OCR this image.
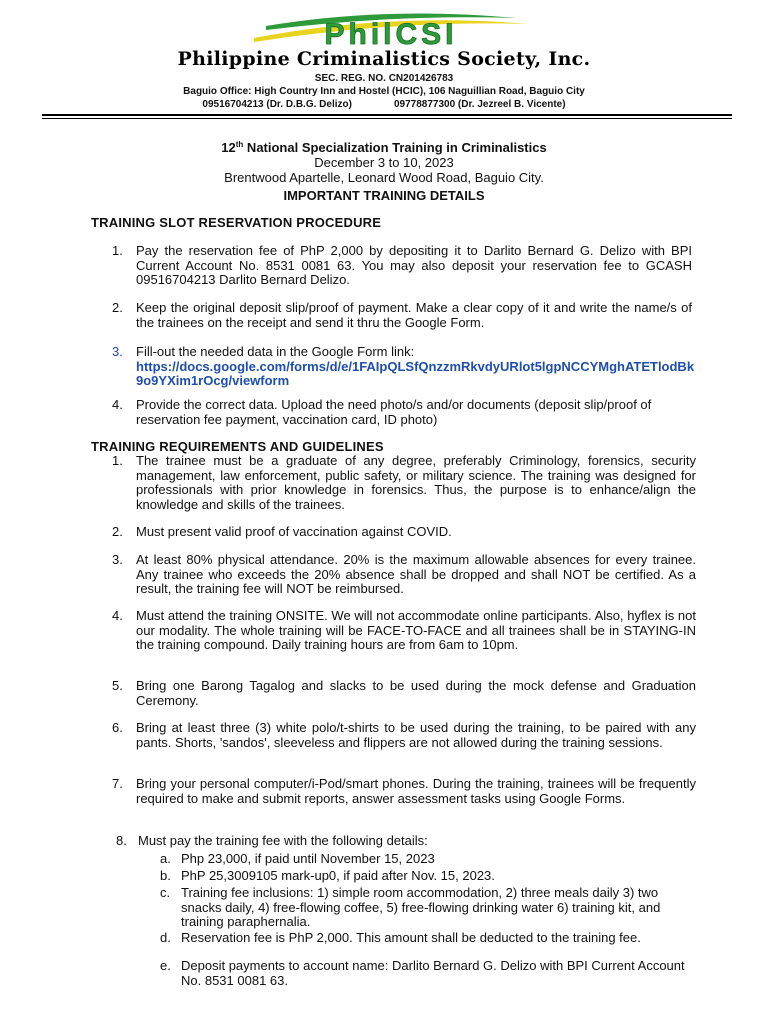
PhilCSI
Philippine Criminalistics Society, Inc.
SEC. REG. NO. CN201426783
Baguio Office: High Country Inn and Hostel (HCIC), 106 Naguillian Road, Baguio City
09516704213 (Dr. D.B.G. Delizo)	09778877300 (Dr. Jezreel B. Vicente)
12th National Specialization Training in Criminalistics
December 3 to 10, 2023
Brentwood Apartelle, Leonard Wood Road, Baguio City.
IMPORTANT TRAINING DETAILS
TRAINING SLOT RESERVATION PROCEDURE
1. Pay the reservation fee of PhP 2,000 by depositing it to Darlito Bernard G. Delizo with BPI Current Account No. 8531 0081 63. You may also deposit your reservation fee to GCASH 09516704213 Darlito Bernard Delizo.
2. Keep the original deposit slip/proof of payment. Make a clear copy of it and write the name/s of the trainees on the receipt and send it thru the Google Form.
3. Fill-out the needed data in the Google Form link:
https://docs.google.com/forms/d/e/1FAIpQLSfQnzzmRkvdyURlot5lgpNCCYMghATETlodBk9o9YXim1rOcg/viewform
4. Provide the correct data. Upload the need photo/s and/or documents (deposit slip/proof of reservation fee payment, vaccination card, ID photo)
TRAINING REQUIREMENTS AND GUIDELINES
1. The trainee must be a graduate of any degree, preferably Criminology, forensics, security management, law enforcement, public safety, or military science. The training was designed for professionals with prior knowledge in forensics. Thus, the purpose is to enhance/align the knowledge and skills of the trainees.
2. Must present valid proof of vaccination against COVID.
3. At least 80% physical attendance. 20% is the maximum allowable absences for every trainee. Any trainee who exceeds the 20% absence shall be dropped and shall NOT be certified. As a result, the training fee will NOT be reimbursed.
4. Must attend the training ONSITE. We will not accommodate online participants. Also, hyflex is not our modality. The whole training will be FACE-TO-FACE and all trainees shall be in STAYING-IN the training compound. Daily training hours are from 6am to 10pm.
5. Bring one Barong Tagalog and slacks to be used during the mock defense and Graduation Ceremony.
6. Bring at least three (3) white polo/t-shirts to be used during the training, to be paired with any pants. Shorts, 'sandos', sleeveless and flippers are not allowed during the training sessions.
7. Bring your personal computer/i-Pod/smart phones. During the training, trainees will be frequently required to make and submit reports, answer assessment tasks using Google Forms.
8. Must pay the training fee with the following details:
a. Php 23,000, if paid until November 15, 2023
b. PhP 25,3009105 mark-up0, if paid after Nov. 15, 2023.
c. Training fee inclusions: 1) simple room accommodation, 2) three meals daily 3) two snacks daily, 4) free-flowing coffee, 5) free-flowing drinking water 6) training kit, and training paraphernalia.
d. Reservation fee is PhP 2,000. This amount shall be deducted to the training fee.
e. Deposit payments to account name: Darlito Bernard G. Delizo with BPI Current Account No. 8531 0081 63.
